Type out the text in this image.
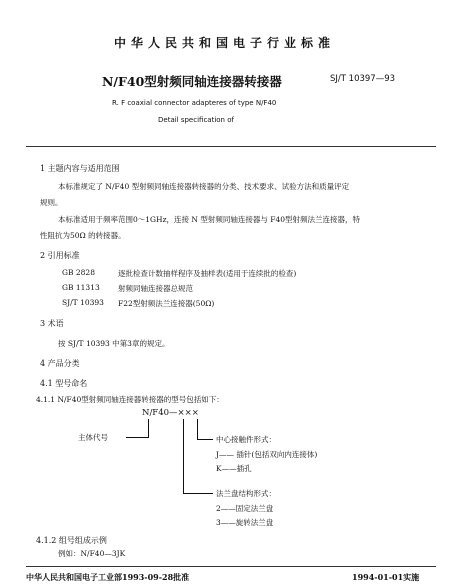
中华人民共和国电子行业标准
N/F40型射频同轴连接器转接器	SJ/T 10397—93
R. F coaxial connector adapteres of type N/F40
Detail specification of
1 主题内容与适用范围
本标准规定了 N/F40 型射频同轴连接器转接器的分类、技术要求、试验方法和质量评定
规则。
本标准适用于频率范围0～1GHz，连接 N 型射频同轴连接器与 F40型射频法兰连接器，特
性阻抗为50Ω 的转接器。
2 引用标准
GB 2828	逐批检查计数抽样程序及抽样表(适用于连续批的检查)
GB 11313 射频同轴连接器总规范
SJ/T 10393 F22型射频法兰连接器(50Ω)
3 术语
按 SJ/T 10393 中第3章的规定。
4 产品分类
4.1 型号命名
4.1.1 N/F40型射频同轴连接器转接器的型号包括如下：
N/F40—×××
主体代号	中心接触件形式：
J—— 插针(包括双向内连接体)
K——插孔
法兰盘结构形式：
2——固定法兰盘
3——旋转法兰盘
4.1.2 组号组成示例
例如：N/F40—3JK
中华人民共和国电子工业部1993-09-28批准	1994-01-01实施
